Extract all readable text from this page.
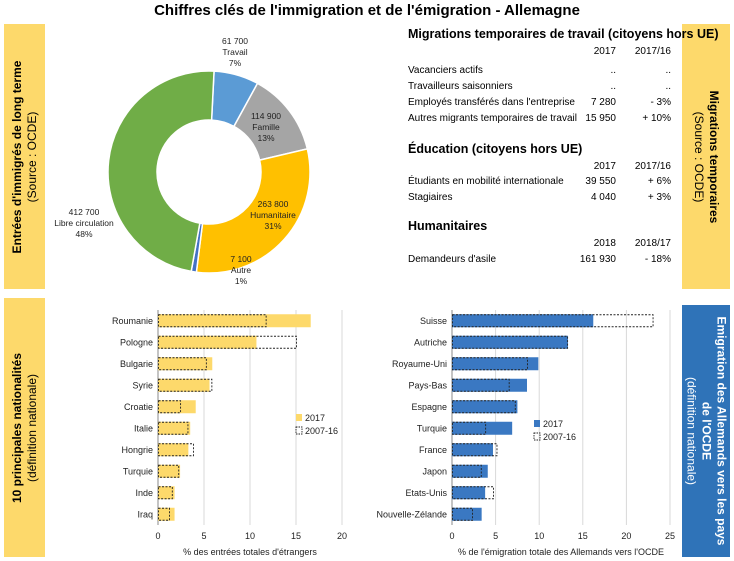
Chiffres clés de l'immigration et de l'émigration - Allemagne
Entrées d'immigrés de long terme (Source : OCDE)	Migrations temporaires
(Source : OCDE)
10 principales nationalités (définition nationale)	Emigration des Allemands vers les pays de l'OCDE
(définition nationale)
61 700
Travail
7%
114 900
Famille
13%
263 800
Humanitaire
31%
7 100
Autre
1%
412 700
Libre circulation
48%
Migrations temporaires de travail (citoyens hors UE)
2017	2017/16
Vacanciers actifs	..	..
Travailleurs saisonniers	..	..
Employés transférés dans l'entreprise	7 280	- 3%
Autres migrants temporaires de travail 15 950	+ 10%
Éducation (citoyens hors UE)
2017	2017/16
Étudiants en mobilité internationale	39 550	+ 6%
Stagiaires	4 040	+ 3%
Humanitaires
2018	2018/17
Demandeurs d'asile	161 930	- 18%
0	5	10	15	20
Roumanie
Pologne
Bulgarie
Syrie
Croatie
Italie
Hongrie
Turquie
Inde
Iraq
% des entrées totales d'étrangers
2017
2007-16
0	5	10	15	20	25
Suisse
Autriche
Royaume-Uni
Pays-Bas
Espagne
Turquie
France
Japon
Etats-Unis
Nouvelle-Zélande
% de l'émigration totale des Allemands vers l'OCDE
2017
2007-16
